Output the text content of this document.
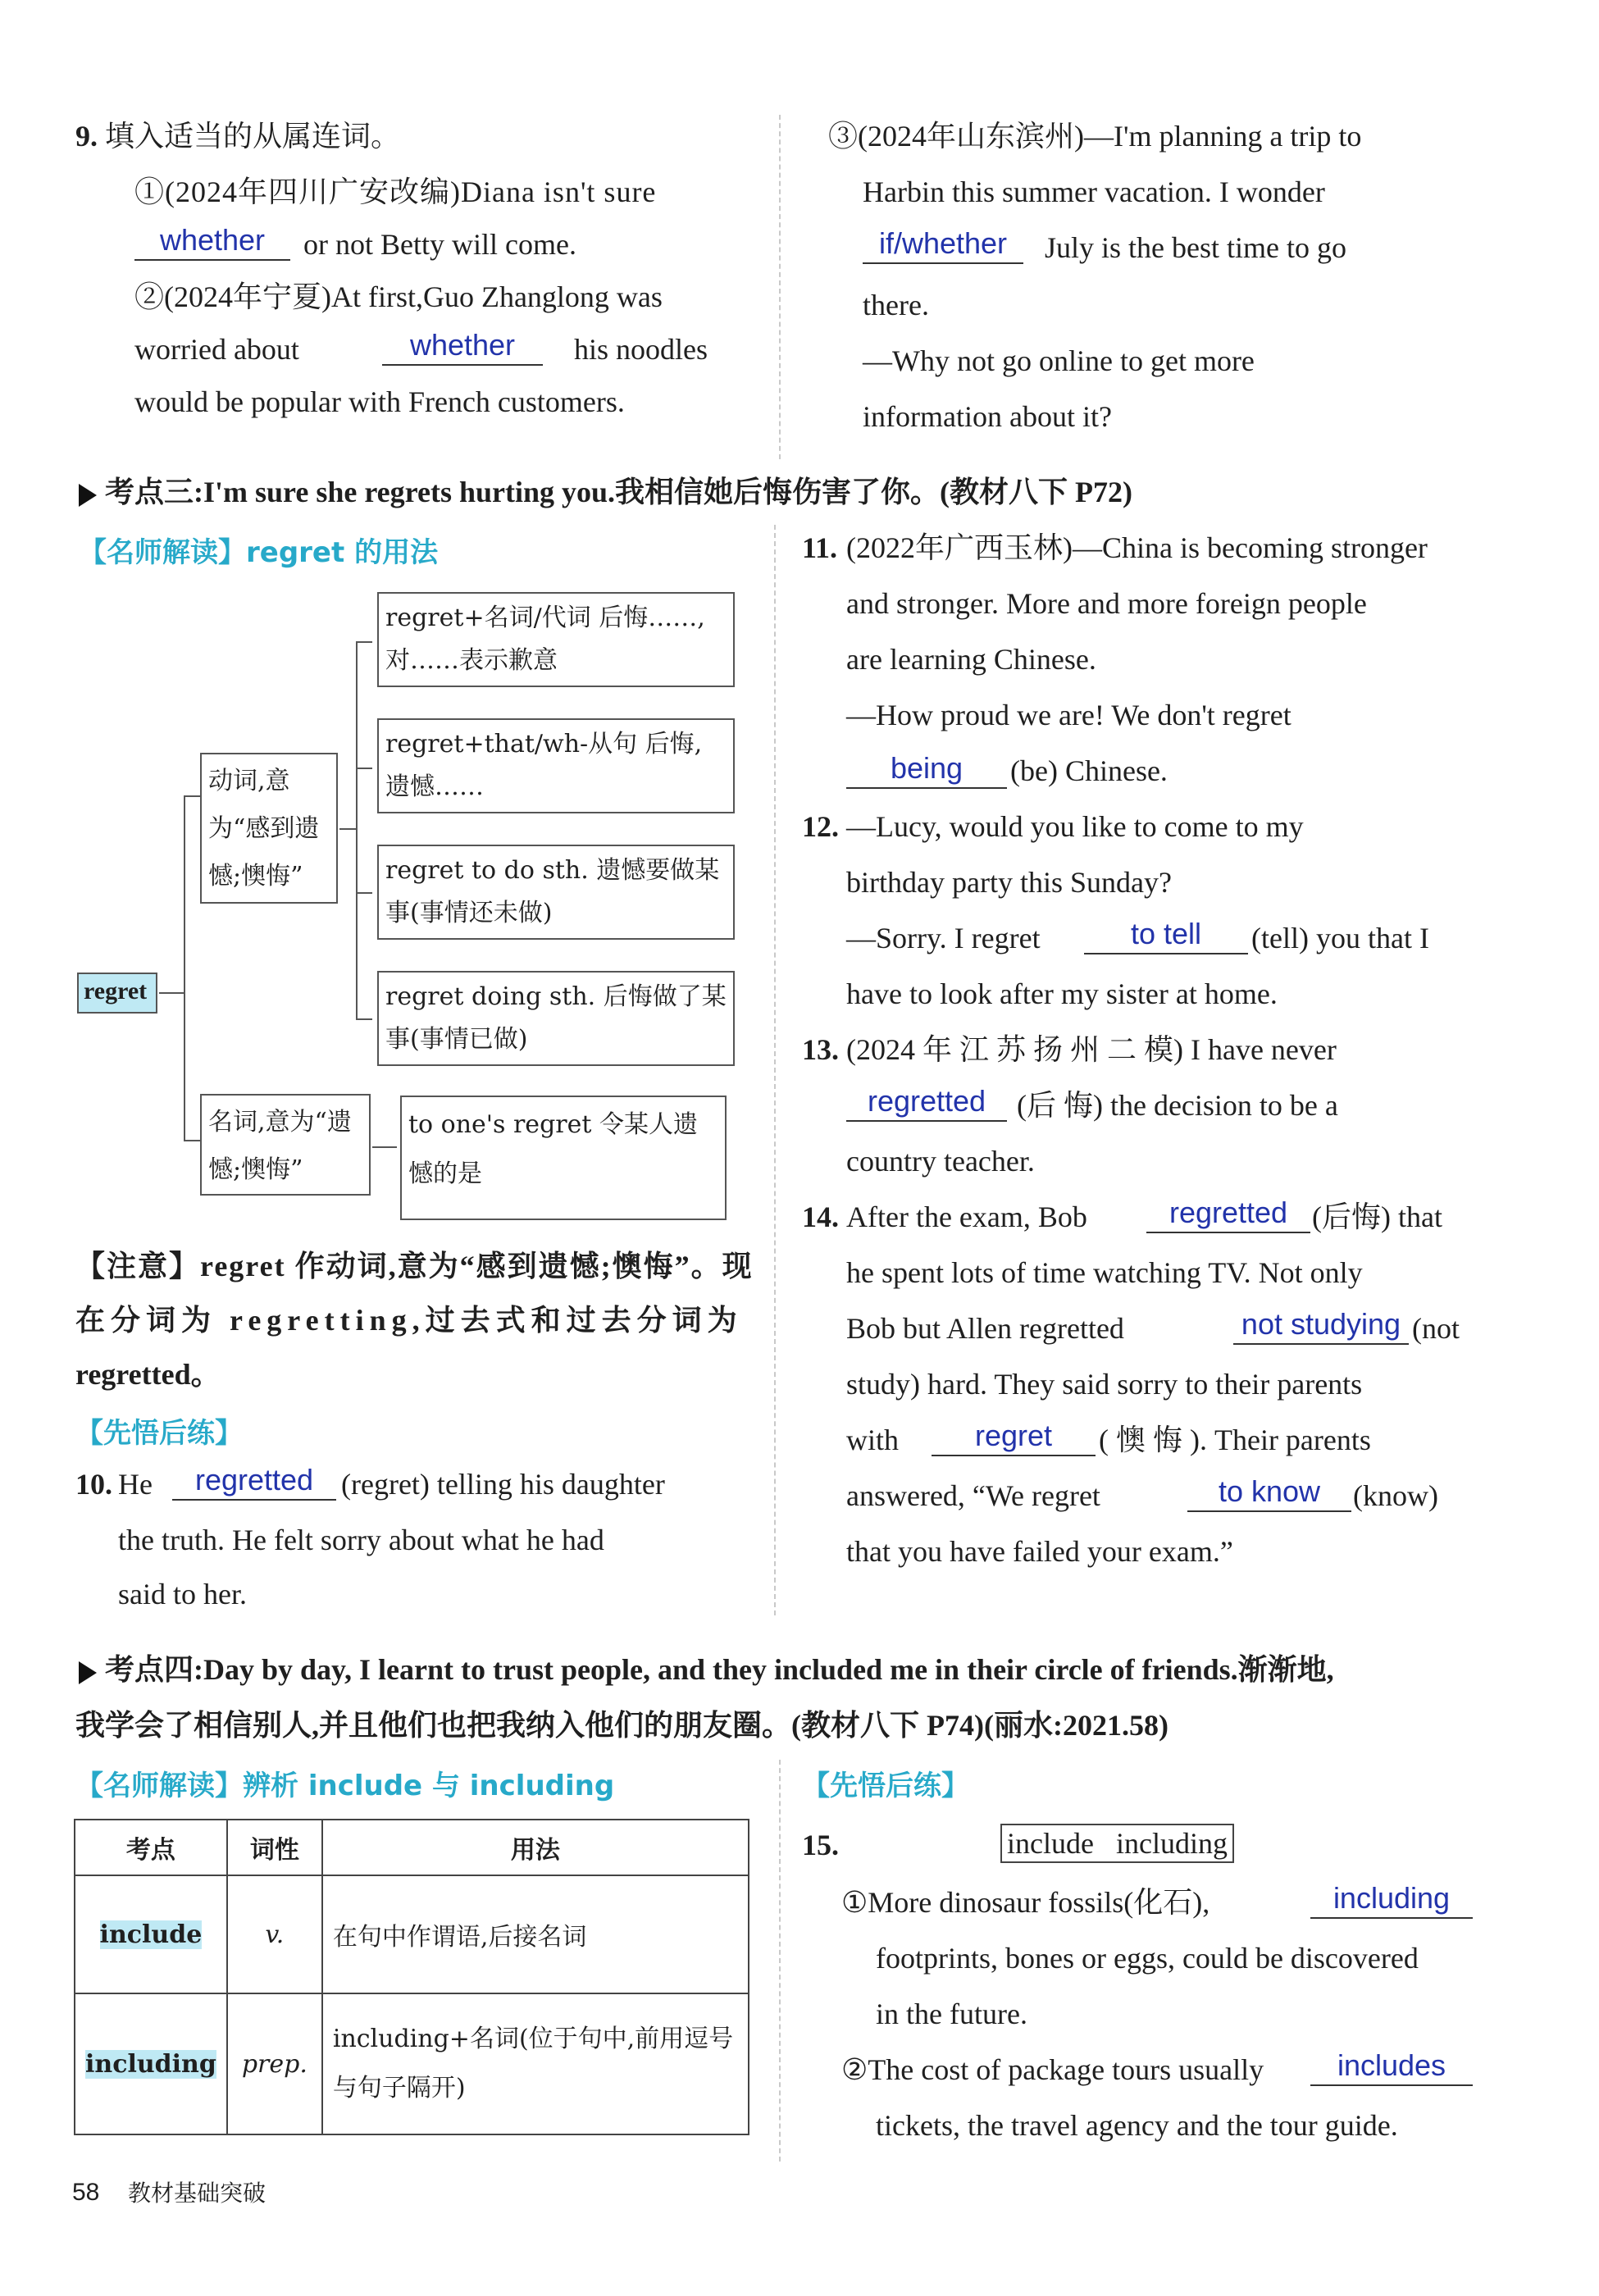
9. 填入适当的从属连词。
①(2024年四川广安改编)Diana isn't sure
whether	or not Betty will come.
②(2024年宁夏)At first,Guo Zhanglong was
worried about	whether	his noodles
would be popular with French customers.
③(2024年山东滨州)—I'm planning a trip to
Harbin this summer vacation. I wonder
if/whether	July is the best time to go
there.
—Why not go online to get more
information about it?
考点三:I'm sure she regrets hurting you.我相信她后悔伤害了你。(教材八下 P72)
【名师解读】regret 的用法
regret
动词,意为“感到遗憾;懊悔”
名词,意为“遗憾;懊悔”
regret+名词/代词 后悔……,对……表示歉意
regret+that/wh-从句 后悔,遗憾……
regret to do sth. 遗憾要做某事(事情还未做)
regret doing sth. 后悔做了某事(事情已做)
to one's regret 令某人遗憾的是
【注意】regret 作动词,意为“感到遗憾;懊悔”。现
在分词为 regretting,过去式和过去分词为
regretted。
【先悟后练】
10. He	regretted (regret) telling his daughter
the truth. He felt sorry about what he had
said to her.
11. (2022年广西玉林)—China is becoming stronger
and stronger. More and more foreign people
are learning Chinese.
—How proud we are! We don't regret
being	(be) Chinese.
12. —Lucy, would you like to come to my
birthday party this Sunday?
—Sorry. I regret	to tell	(tell) you that I
have to look after my sister at home.
13. (2024 年 江 苏 扬 州 二 模) I have never
regretted	(后 悔) the decision to be a
country teacher.
14. After the exam, Bob	regretted (后悔) that
he spent lots of time watching TV. Not only
Bob but Allen regretted	not studying (not
study) hard. They said sorry to their parents
with	regret	( 懊 悔 ). Their parents
answered, “We regret	to know	(know)
that you have failed your exam.”
考点四:Day by day, I learnt to trust people, and they included me in their circle of friends.渐渐地,
我学会了相信别人,并且他们也把我纳入他们的朋友圈。(教材八下 P74)(丽水:2021.58)
【名师解读】辨析 include 与 including
考点	词性	用法
include	v.	在句中作谓语,后接名词
including	prep.	including+名词(位于句中,前用逗号与句子隔开)
【先悟后练】
15.	include   including
①More dinosaur fossils(化石),	including
footprints, bones or eggs, could be discovered
in the future.
②The cost of package tours usually	includes
tickets, the travel agency and the tour guide.
58 教材基础突破
